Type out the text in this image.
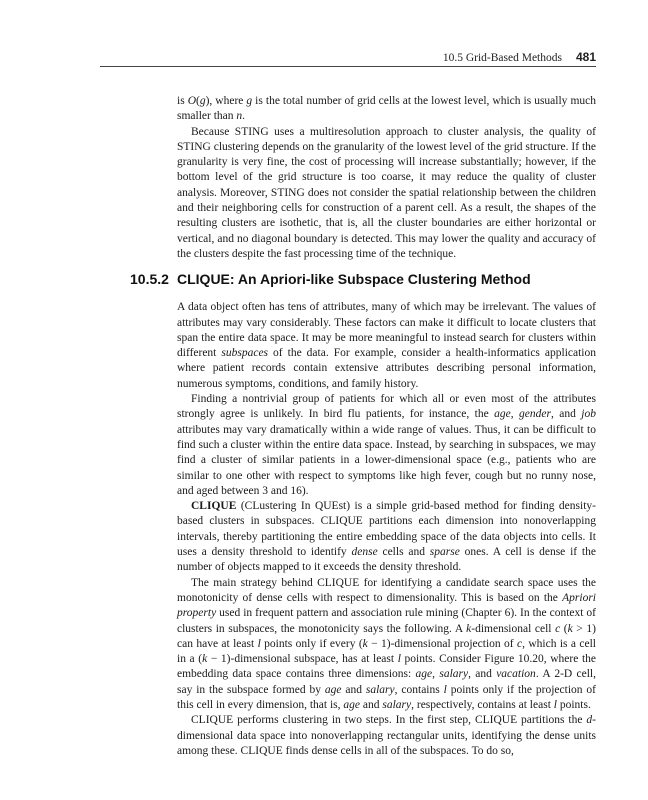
10.5 Grid-Based Methods 481

is O(g), where g is the total number of grid cells at the lowest level, which is usually much smaller than n.

Because STING uses a multiresolution approach to cluster analysis, the quality of STING clustering depends on the granularity of the lowest level of the grid structure. If the granularity is very fine, the cost of processing will increase substantially; however, if the bottom level of the grid structure is too coarse, it may reduce the quality of cluster analysis. Moreover, STING does not consider the spatial relationship between the children and their neighboring cells for construction of a parent cell. As a result, the shapes of the resulting clusters are isothetic, that is, all the cluster boundaries are either horizontal or vertical, and no diagonal boundary is detected. This may lower the quality and accuracy of the clusters despite the fast processing time of the technique.

10.5.2 CLIQUE: An Apriori-like Subspace Clustering Method

A data object often has tens of attributes, many of which may be irrelevant. The values of attributes may vary considerably. These factors can make it difficult to locate clusters that span the entire data space. It may be more meaningful to instead search for clusters within different subspaces of the data. For example, consider a health-informatics application where patient records contain extensive attributes describing personal information, numerous symptoms, conditions, and family history.

Finding a nontrivial group of patients for which all or even most of the attributes strongly agree is unlikely. In bird flu patients, for instance, the age, gender, and job attributes may vary dramatically within a wide range of values. Thus, it can be difficult to find such a cluster within the entire data space. Instead, by searching in subspaces, we may find a cluster of similar patients in a lower-dimensional space (e.g., patients who are similar to one other with respect to symptoms like high fever, cough but no runny nose, and aged between 3 and 16).

CLIQUE (CLustering In QUEst) is a simple grid-based method for finding density-based clusters in subspaces. CLIQUE partitions each dimension into nonoverlapping intervals, thereby partitioning the entire embedding space of the data objects into cells. It uses a density threshold to identify dense cells and sparse ones. A cell is dense if the number of objects mapped to it exceeds the density threshold.

The main strategy behind CLIQUE for identifying a candidate search space uses the monotonicity of dense cells with respect to dimensionality. This is based on the Apriori property used in frequent pattern and association rule mining (Chapter 6). In the context of clusters in subspaces, the monotonicity says the following. A k-dimensional cell c (k > 1) can have at least l points only if every (k − 1)-dimensional projection of c, which is a cell in a (k − 1)-dimensional subspace, has at least l points. Consider Figure 10.20, where the embedding data space contains three dimensions: age, salary, and vacation. A 2-D cell, say in the subspace formed by age and salary, contains l points only if the projection of this cell in every dimension, that is, age and salary, respectively, contains at least l points.

CLIQUE performs clustering in two steps. In the first step, CLIQUE partitions the d-dimensional data space into nonoverlapping rectangular units, identifying the dense units among these. CLIQUE finds dense cells in all of the subspaces. To do so,
